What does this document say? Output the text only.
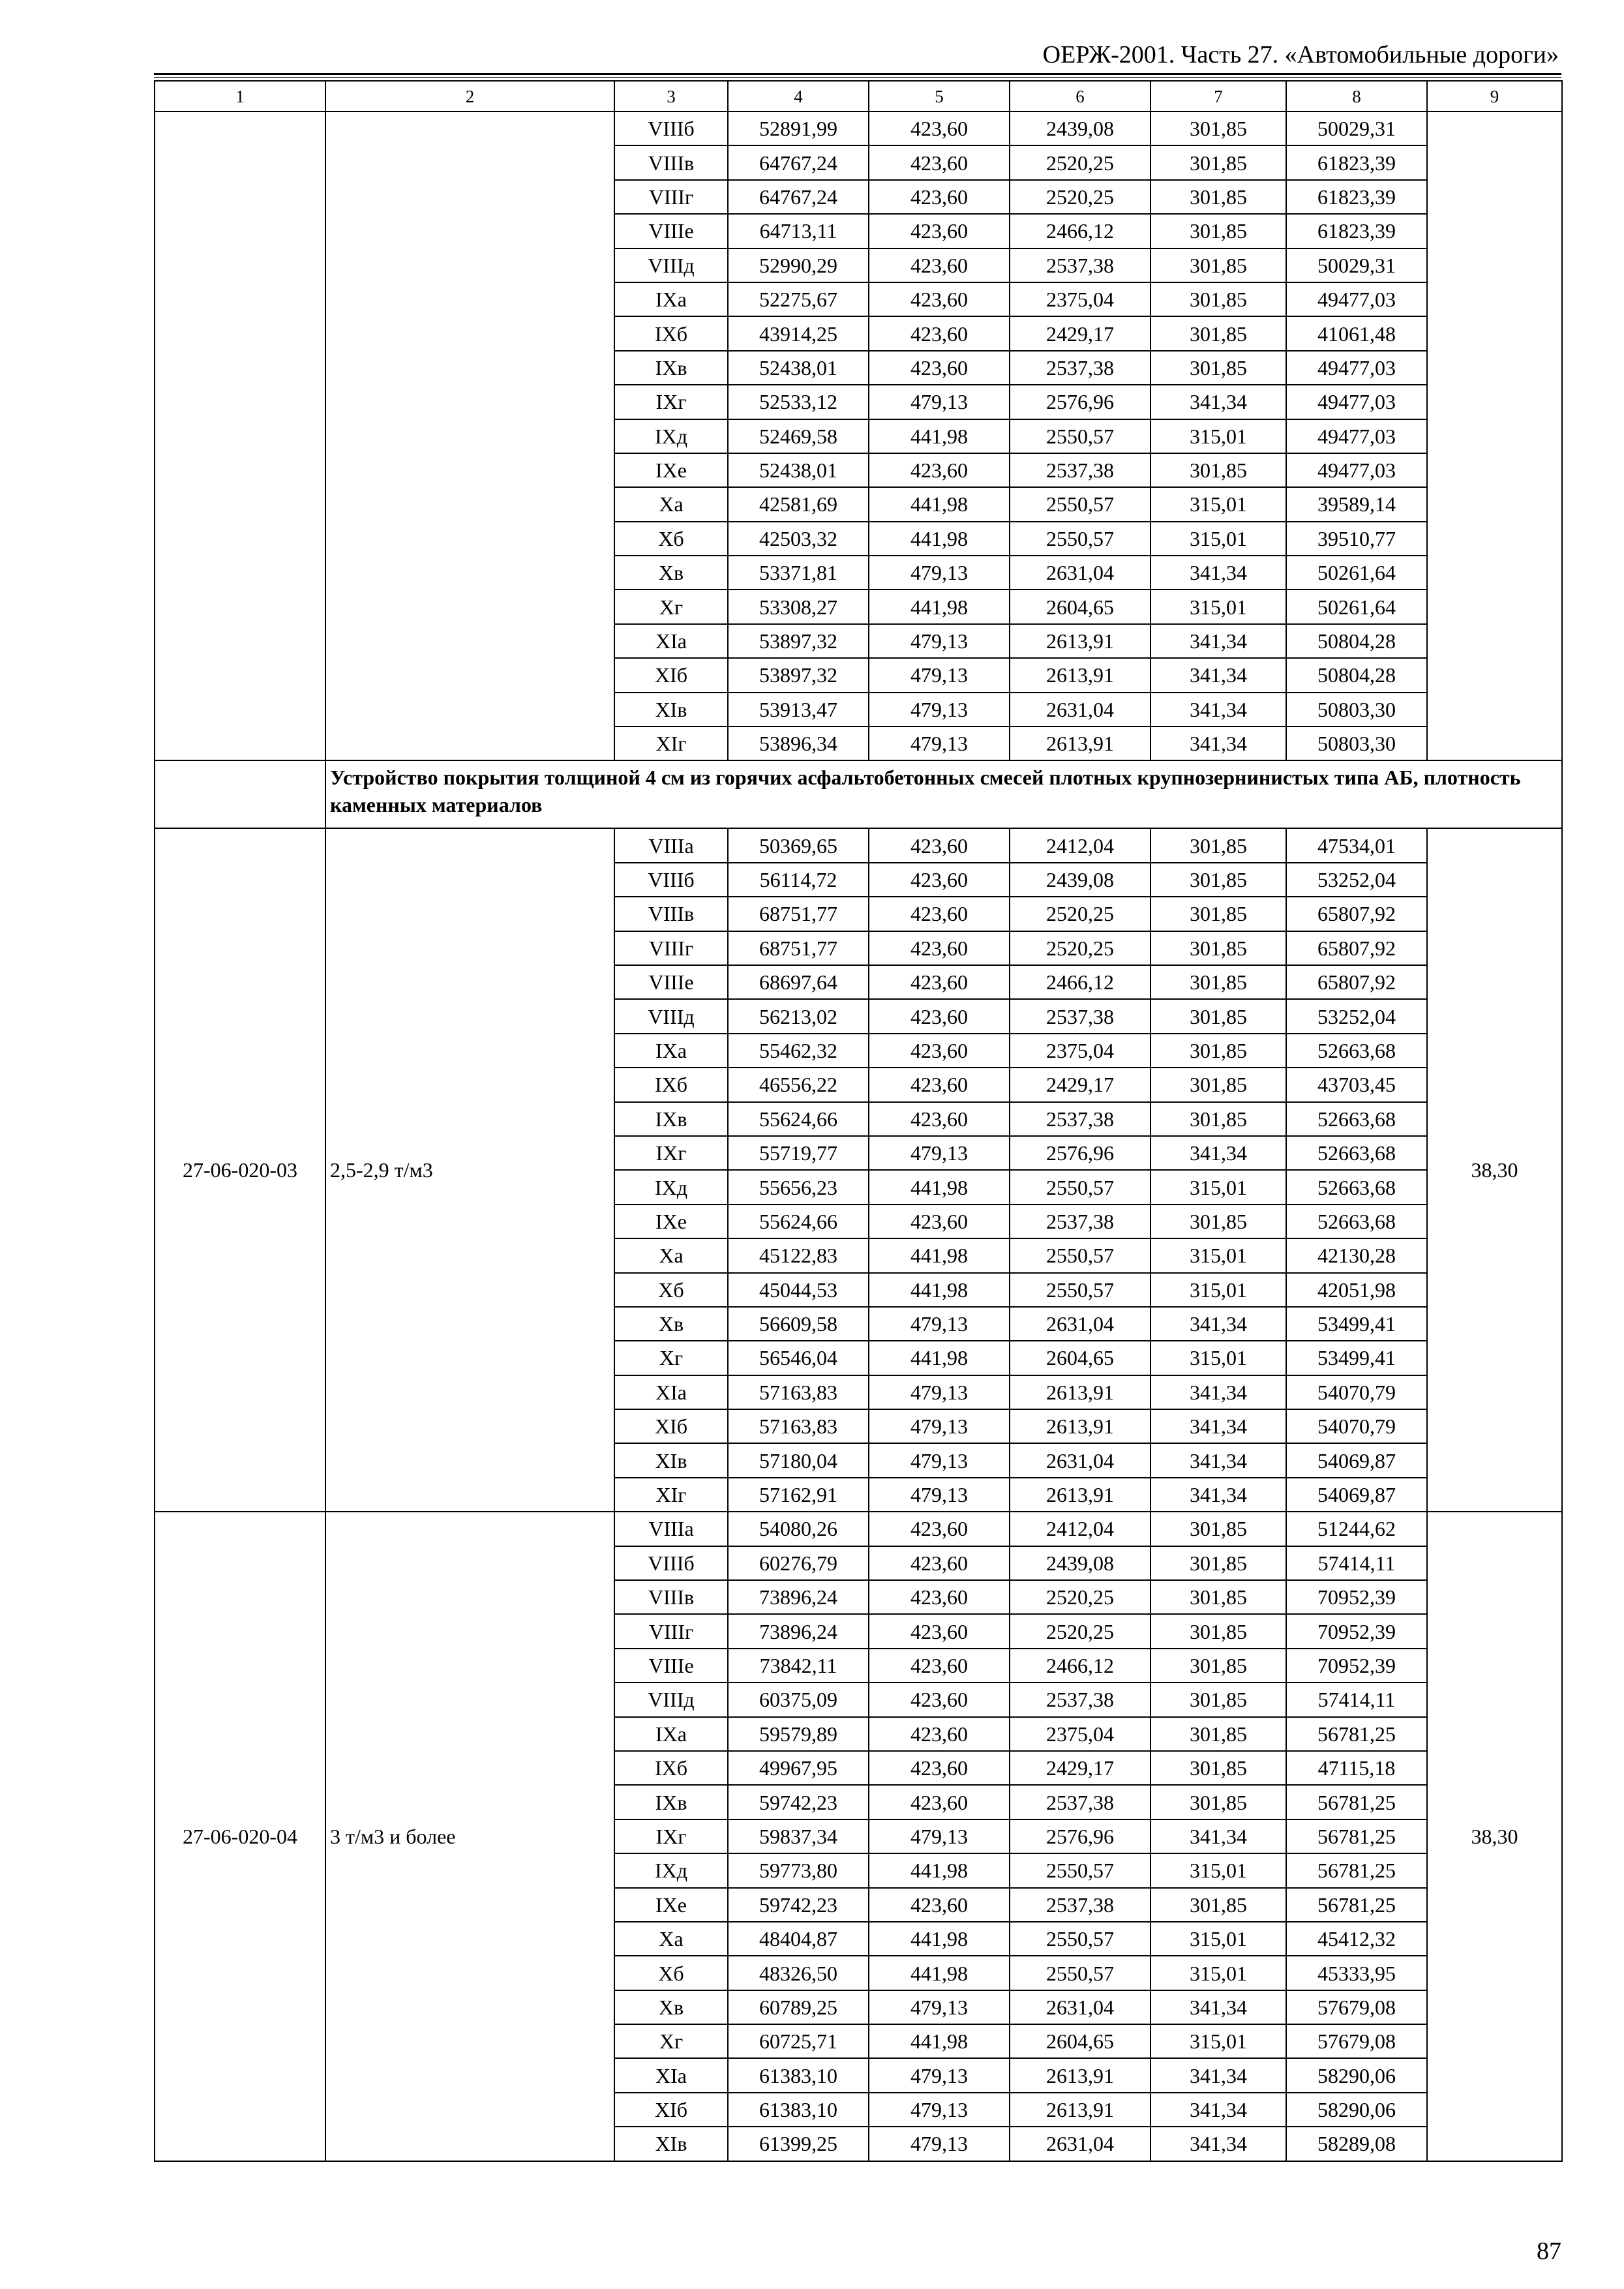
ОЕРЖ-2001. Часть 27. «Автомобильные дороги»
1	2	3	4	5	6	7	8	9
		VIIIб	52891,99	423,60	2439,08	301,85	50029,31	
		VIIIв	64767,24	423,60	2520,25	301,85	61823,39	
		VIIIг	64767,24	423,60	2520,25	301,85	61823,39	
		VIIIe	64713,11	423,60	2466,12	301,85	61823,39	
		VIIIд	52990,29	423,60	2537,38	301,85	50029,31	
		IXa	52275,67	423,60	2375,04	301,85	49477,03	
		IXб	43914,25	423,60	2429,17	301,85	41061,48	
		IXв	52438,01	423,60	2537,38	301,85	49477,03	
		IXг	52533,12	479,13	2576,96	341,34	49477,03	
		IXд	52469,58	441,98	2550,57	315,01	49477,03	
		IXe	52438,01	423,60	2537,38	301,85	49477,03	
		Xa	42581,69	441,98	2550,57	315,01	39589,14	
		Xб	42503,32	441,98	2550,57	315,01	39510,77	
		Xв	53371,81	479,13	2631,04	341,34	50261,64	
		Xг	53308,27	441,98	2604,65	315,01	50261,64	
		XIa	53897,32	479,13	2613,91	341,34	50804,28	
		XIб	53897,32	479,13	2613,91	341,34	50804,28	
		XIв	53913,47	479,13	2631,04	341,34	50803,30	
		XIг	53896,34	479,13	2613,91	341,34	50803,30	
	Устройство покрытия толщиной 4 см из горячих асфальтобетонных смесей плотных крупнозернинистых типа АБ, плотность каменных материалов							
27-06-020-03	2,5-2,9 т/м3	VIIIa	50369,65	423,60	2412,04	301,85	47534,01	38,30
		VIIIб	56114,72	423,60	2439,08	301,85	53252,04	
		VIIIв	68751,77	423,60	2520,25	301,85	65807,92	
		VIIIг	68751,77	423,60	2520,25	301,85	65807,92	
		VIIIe	68697,64	423,60	2466,12	301,85	65807,92	
		VIIIд	56213,02	423,60	2537,38	301,85	53252,04	
		IXa	55462,32	423,60	2375,04	301,85	52663,68	
		IXб	46556,22	423,60	2429,17	301,85	43703,45	
		IXв	55624,66	423,60	2537,38	301,85	52663,68	
		IXг	55719,77	479,13	2576,96	341,34	52663,68	
		IXд	55656,23	441,98	2550,57	315,01	52663,68	
		IXe	55624,66	423,60	2537,38	301,85	52663,68	
		Xa	45122,83	441,98	2550,57	315,01	42130,28	
		Xб	45044,53	441,98	2550,57	315,01	42051,98	
		Xв	56609,58	479,13	2631,04	341,34	53499,41	
		Xг	56546,04	441,98	2604,65	315,01	53499,41	
		XIa	57163,83	479,13	2613,91	341,34	54070,79	
		XIб	57163,83	479,13	2613,91	341,34	54070,79	
		XIв	57180,04	479,13	2631,04	341,34	54069,87	
		XIг	57162,91	479,13	2613,91	341,34	54069,87	
27-06-020-04	3 т/м3 и более	VIIIa	54080,26	423,60	2412,04	301,85	51244,62	38,30
		VIIIб	60276,79	423,60	2439,08	301,85	57414,11	
		VIIIв	73896,24	423,60	2520,25	301,85	70952,39	
		VIIIг	73896,24	423,60	2520,25	301,85	70952,39	
		VIIIe	73842,11	423,60	2466,12	301,85	70952,39	
		VIIIд	60375,09	423,60	2537,38	301,85	57414,11	
		IXa	59579,89	423,60	2375,04	301,85	56781,25	
		IXб	49967,95	423,60	2429,17	301,85	47115,18	
		IXв	59742,23	423,60	2537,38	301,85	56781,25	
		IXг	59837,34	479,13	2576,96	341,34	56781,25	
		IXд	59773,80	441,98	2550,57	315,01	56781,25	
		IXe	59742,23	423,60	2537,38	301,85	56781,25	
		Xa	48404,87	441,98	2550,57	315,01	45412,32	
		Xб	48326,50	441,98	2550,57	315,01	45333,95	
		Xв	60789,25	479,13	2631,04	341,34	57679,08	
		Xг	60725,71	441,98	2604,65	315,01	57679,08	
		XIa	61383,10	479,13	2613,91	341,34	58290,06	
		XIб	61383,10	479,13	2613,91	341,34	58290,06	
		XIв	61399,25	479,13	2631,04	341,34	58289,08	
87
